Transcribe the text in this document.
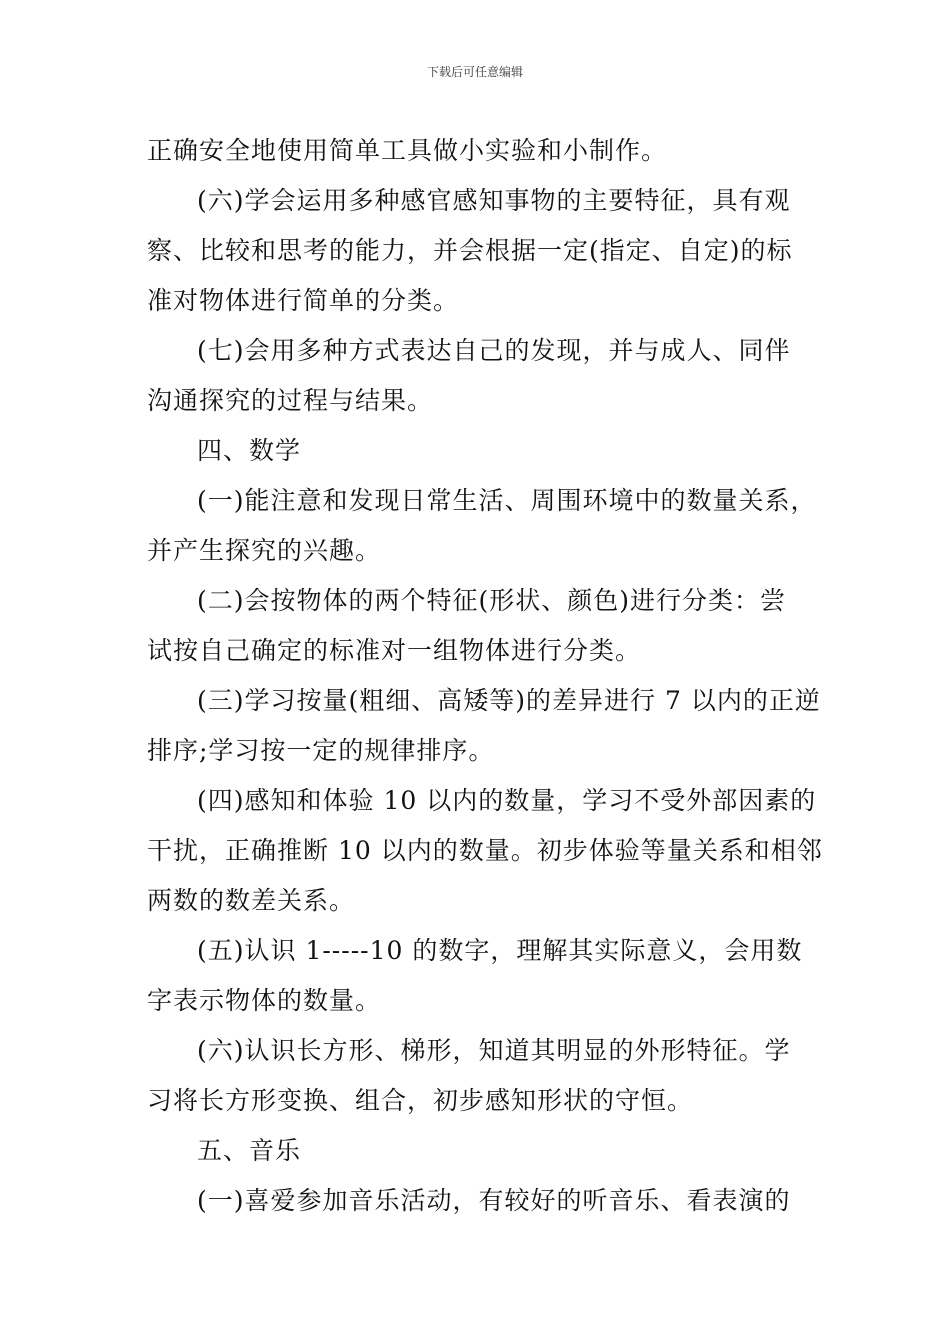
下载后可任意编辑
正确安全地使用简单工具做小实验和小制作。
(六)学会运用多种感官感知事物的主要特征，具有观
察、比较和思考的能力，并会根据一定(指定、自定)的标
准对物体进行简单的分类。
(七)会用多种方式表达自己的发现，并与成人、同伴
沟通探究的过程与结果。
四、数学
(一)能注意和发现日常生活、周围环境中的数量关系，
并产生探究的兴趣。
(二)会按物体的两个特征(形状、颜色)进行分类：尝
试按自己确定的标准对一组物体进行分类。
(三)学习按量(粗细、高矮等)的差异进行 7 以内的正逆
排序;学习按一定的规律排序。
(四)感知和体验 10 以内的数量，学习不受外部因素的
干扰，正确推断 10 以内的数量。初步体验等量关系和相邻
两数的数差关系。
(五)认识 1-----10 的数字，理解其实际意义，会用数
字表示物体的数量。
(六)认识长方形、梯形，知道其明显的外形特征。学
习将长方形变换、组合，初步感知形状的守恒。
五、音乐
(一)喜爱参加音乐活动，有较好的听音乐、看表演的
